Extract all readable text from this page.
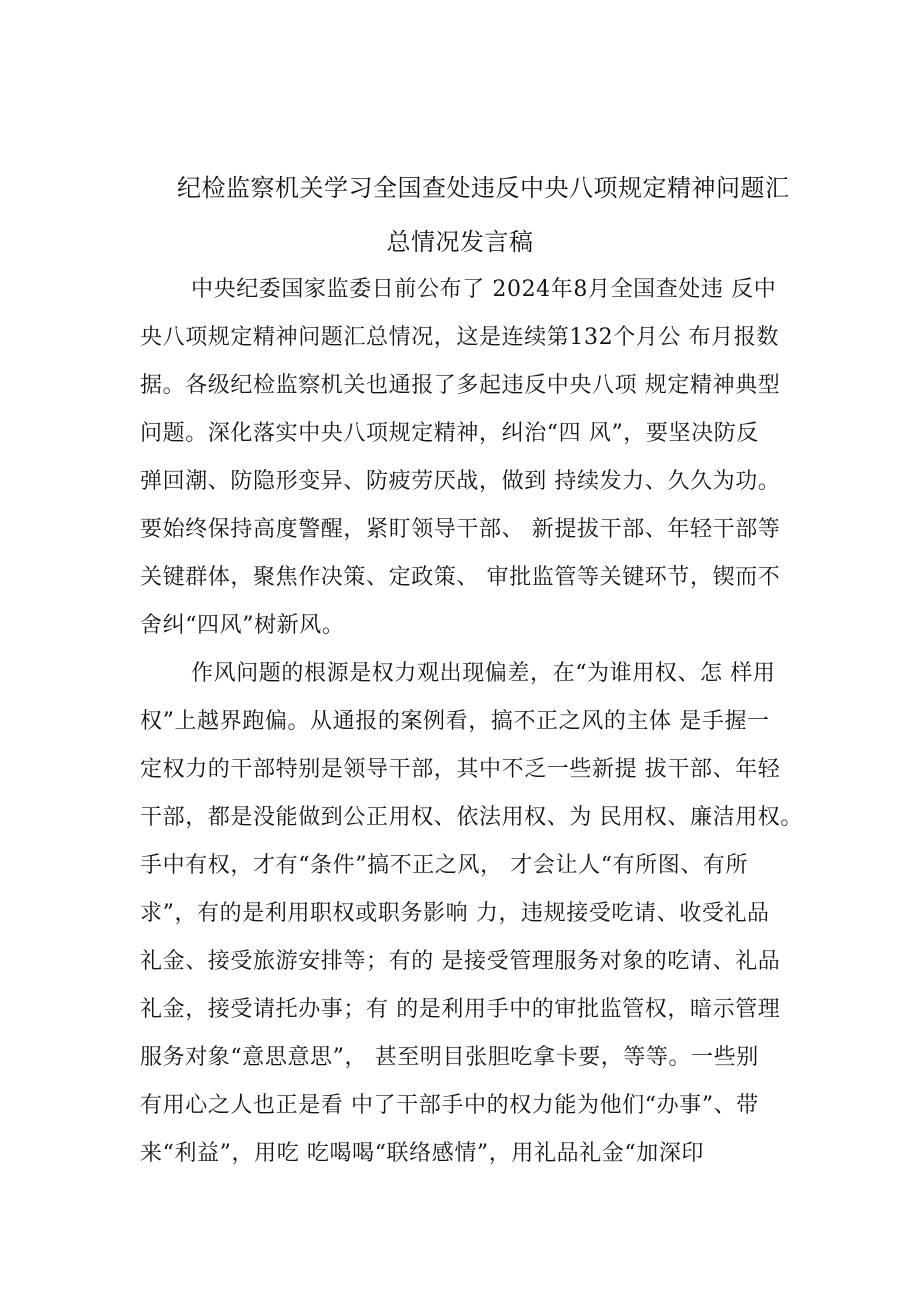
纪检监察机关学习全国查处违反中央八项规定精神问题汇
总情况发言稿
中央纪委国家监委日前公布了 2024年8月全国查处违 反中
央八项规定精神问题汇总情况，这是连续第132个月公 布月报数
据。各级纪检监察机关也通报了多起违反中央八项 规定精神典型
问题。深化落实中央八项规定精神，纠治“四 风”，要坚决防反
弹回潮、防隐形变异、防疲劳厌战，做到 持续发力、久久为功。
要始终保持高度警醒，紧盯领导干部、 新提拔干部、年轻干部等
关键群体，聚焦作决策、定政策、 审批监管等关键环节，锲而不
舍纠“四风”树新风。
作风问题的根源是权力观出现偏差，在“为谁用权、怎 样用
权”上越界跑偏。从通报的案例看，搞不正之风的主体 是手握一
定权力的干部特别是领导干部，其中不乏一些新提 拔干部、年轻
干部，都是没能做到公正用权、依法用权、为 民用权、廉洁用权。
手中有权，才有“条件”搞不正之风， 才会让人“有所图、有所
求”，有的是利用职权或职务影响 力，违规接受吃请、收受礼品
礼金、接受旅游安排等；有的 是接受管理服务对象的吃请、礼品
礼金，接受请托办事；有 的是利用手中的审批监管权，暗示管理
服务对象“意思意思”， 甚至明目张胆吃拿卡要，等等。一些别
有用心之人也正是看 中了干部手中的权力能为他们“办事”、带
来“利益”，用吃 吃喝喝“联络感情”，用礼品礼金“加深印
